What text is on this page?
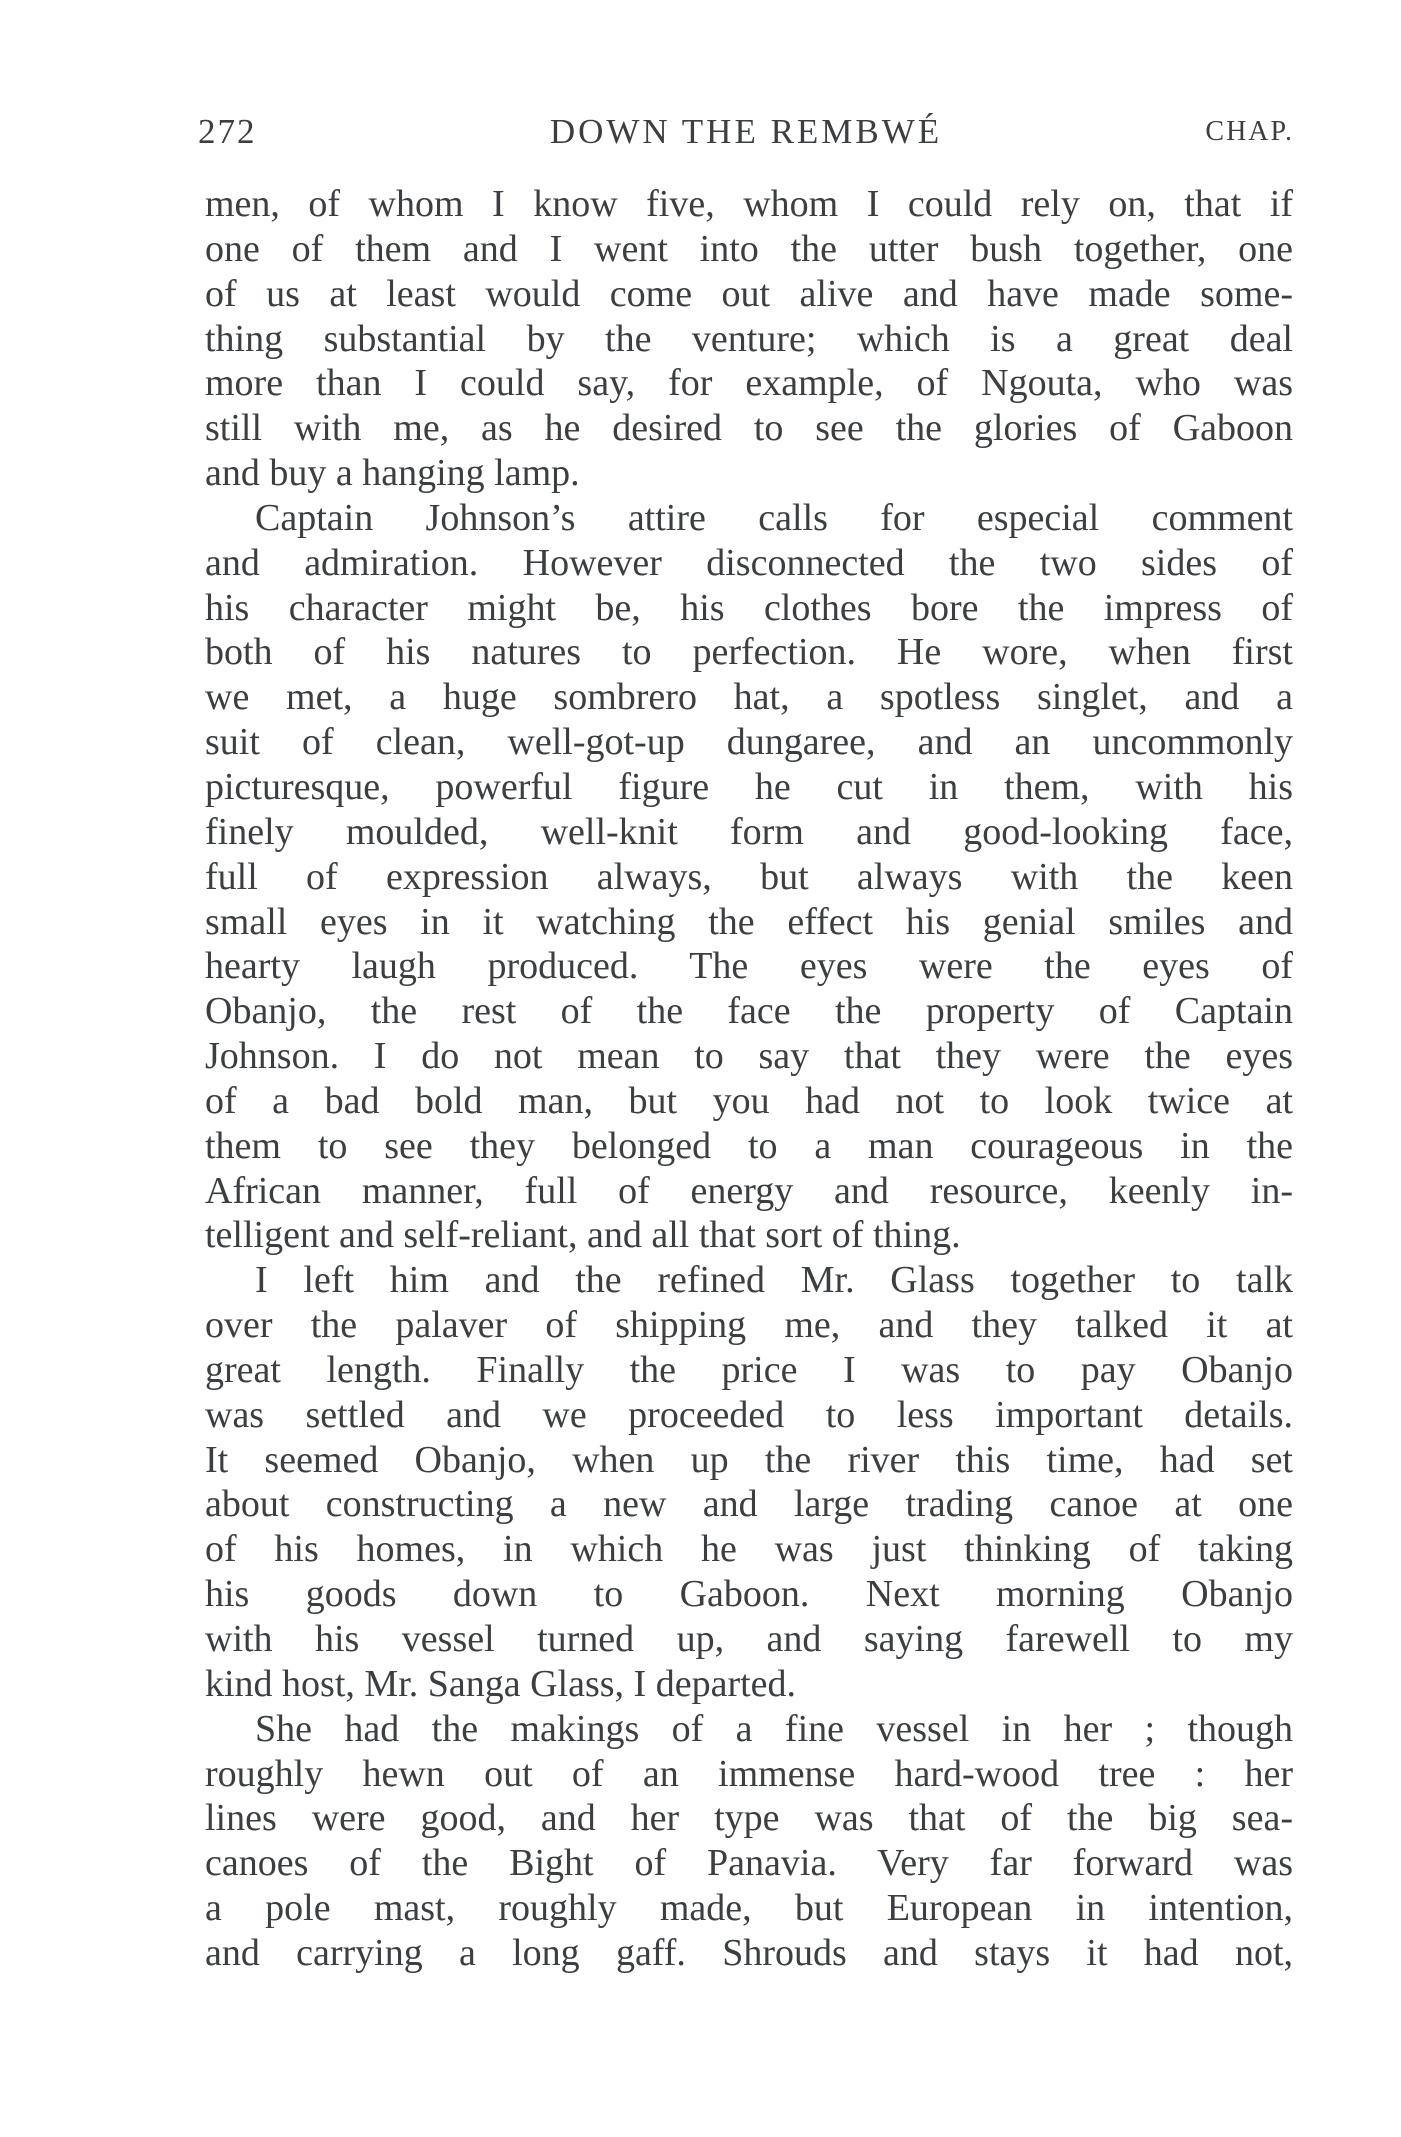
272	DOWN THE REMBWÉ	CHAP.
men, of whom I know five, whom I could rely on, that if
one of them and I went into the utter bush together, one
of us at least would come out alive and have made some-
thing substantial by the venture; which is a great deal
more than I could say, for example, of Ngouta, who was
still with me, as he desired to see the glories of Gaboon
and buy a hanging lamp.
Captain Johnson’s attire calls for especial comment
and admiration. However disconnected the two sides of
his character might be, his clothes bore the impress of
both of his natures to perfection. He wore, when first
we met, a huge sombrero hat, a spotless singlet, and a
suit of clean, well-got-up dungaree, and an uncommonly
picturesque, powerful figure he cut in them, with his
finely moulded, well-knit form and good-looking face,
full of expression always, but always with the keen
small eyes in it watching the effect his genial smiles and
hearty laugh produced. The eyes were the eyes of
Obanjo, the rest of the face the property of Captain
Johnson. I do not mean to say that they were the eyes
of a bad bold man, but you had not to look twice at
them to see they belonged to a man courageous in the
African manner, full of energy and resource, keenly in-
telligent and self-reliant, and all that sort of thing.
I left him and the refined Mr. Glass together to talk
over the palaver of shipping me, and they talked it at
great length. Finally the price I was to pay Obanjo
was settled and we proceeded to less important details.
It seemed Obanjo, when up the river this time, had set
about constructing a new and large trading canoe at one
of his homes, in which he was just thinking of taking
his goods down to Gaboon. Next morning Obanjo
with his vessel turned up, and saying farewell to my
kind host, Mr. Sanga Glass, I departed.
She had the makings of a fine vessel in her ; though
roughly hewn out of an immense hard-wood tree : her
lines were good, and her type was that of the big sea-
canoes of the Bight of Panavia. Very far forward was
a pole mast, roughly made, but European in intention,
and carrying a long gaff. Shrouds and stays it had not,
